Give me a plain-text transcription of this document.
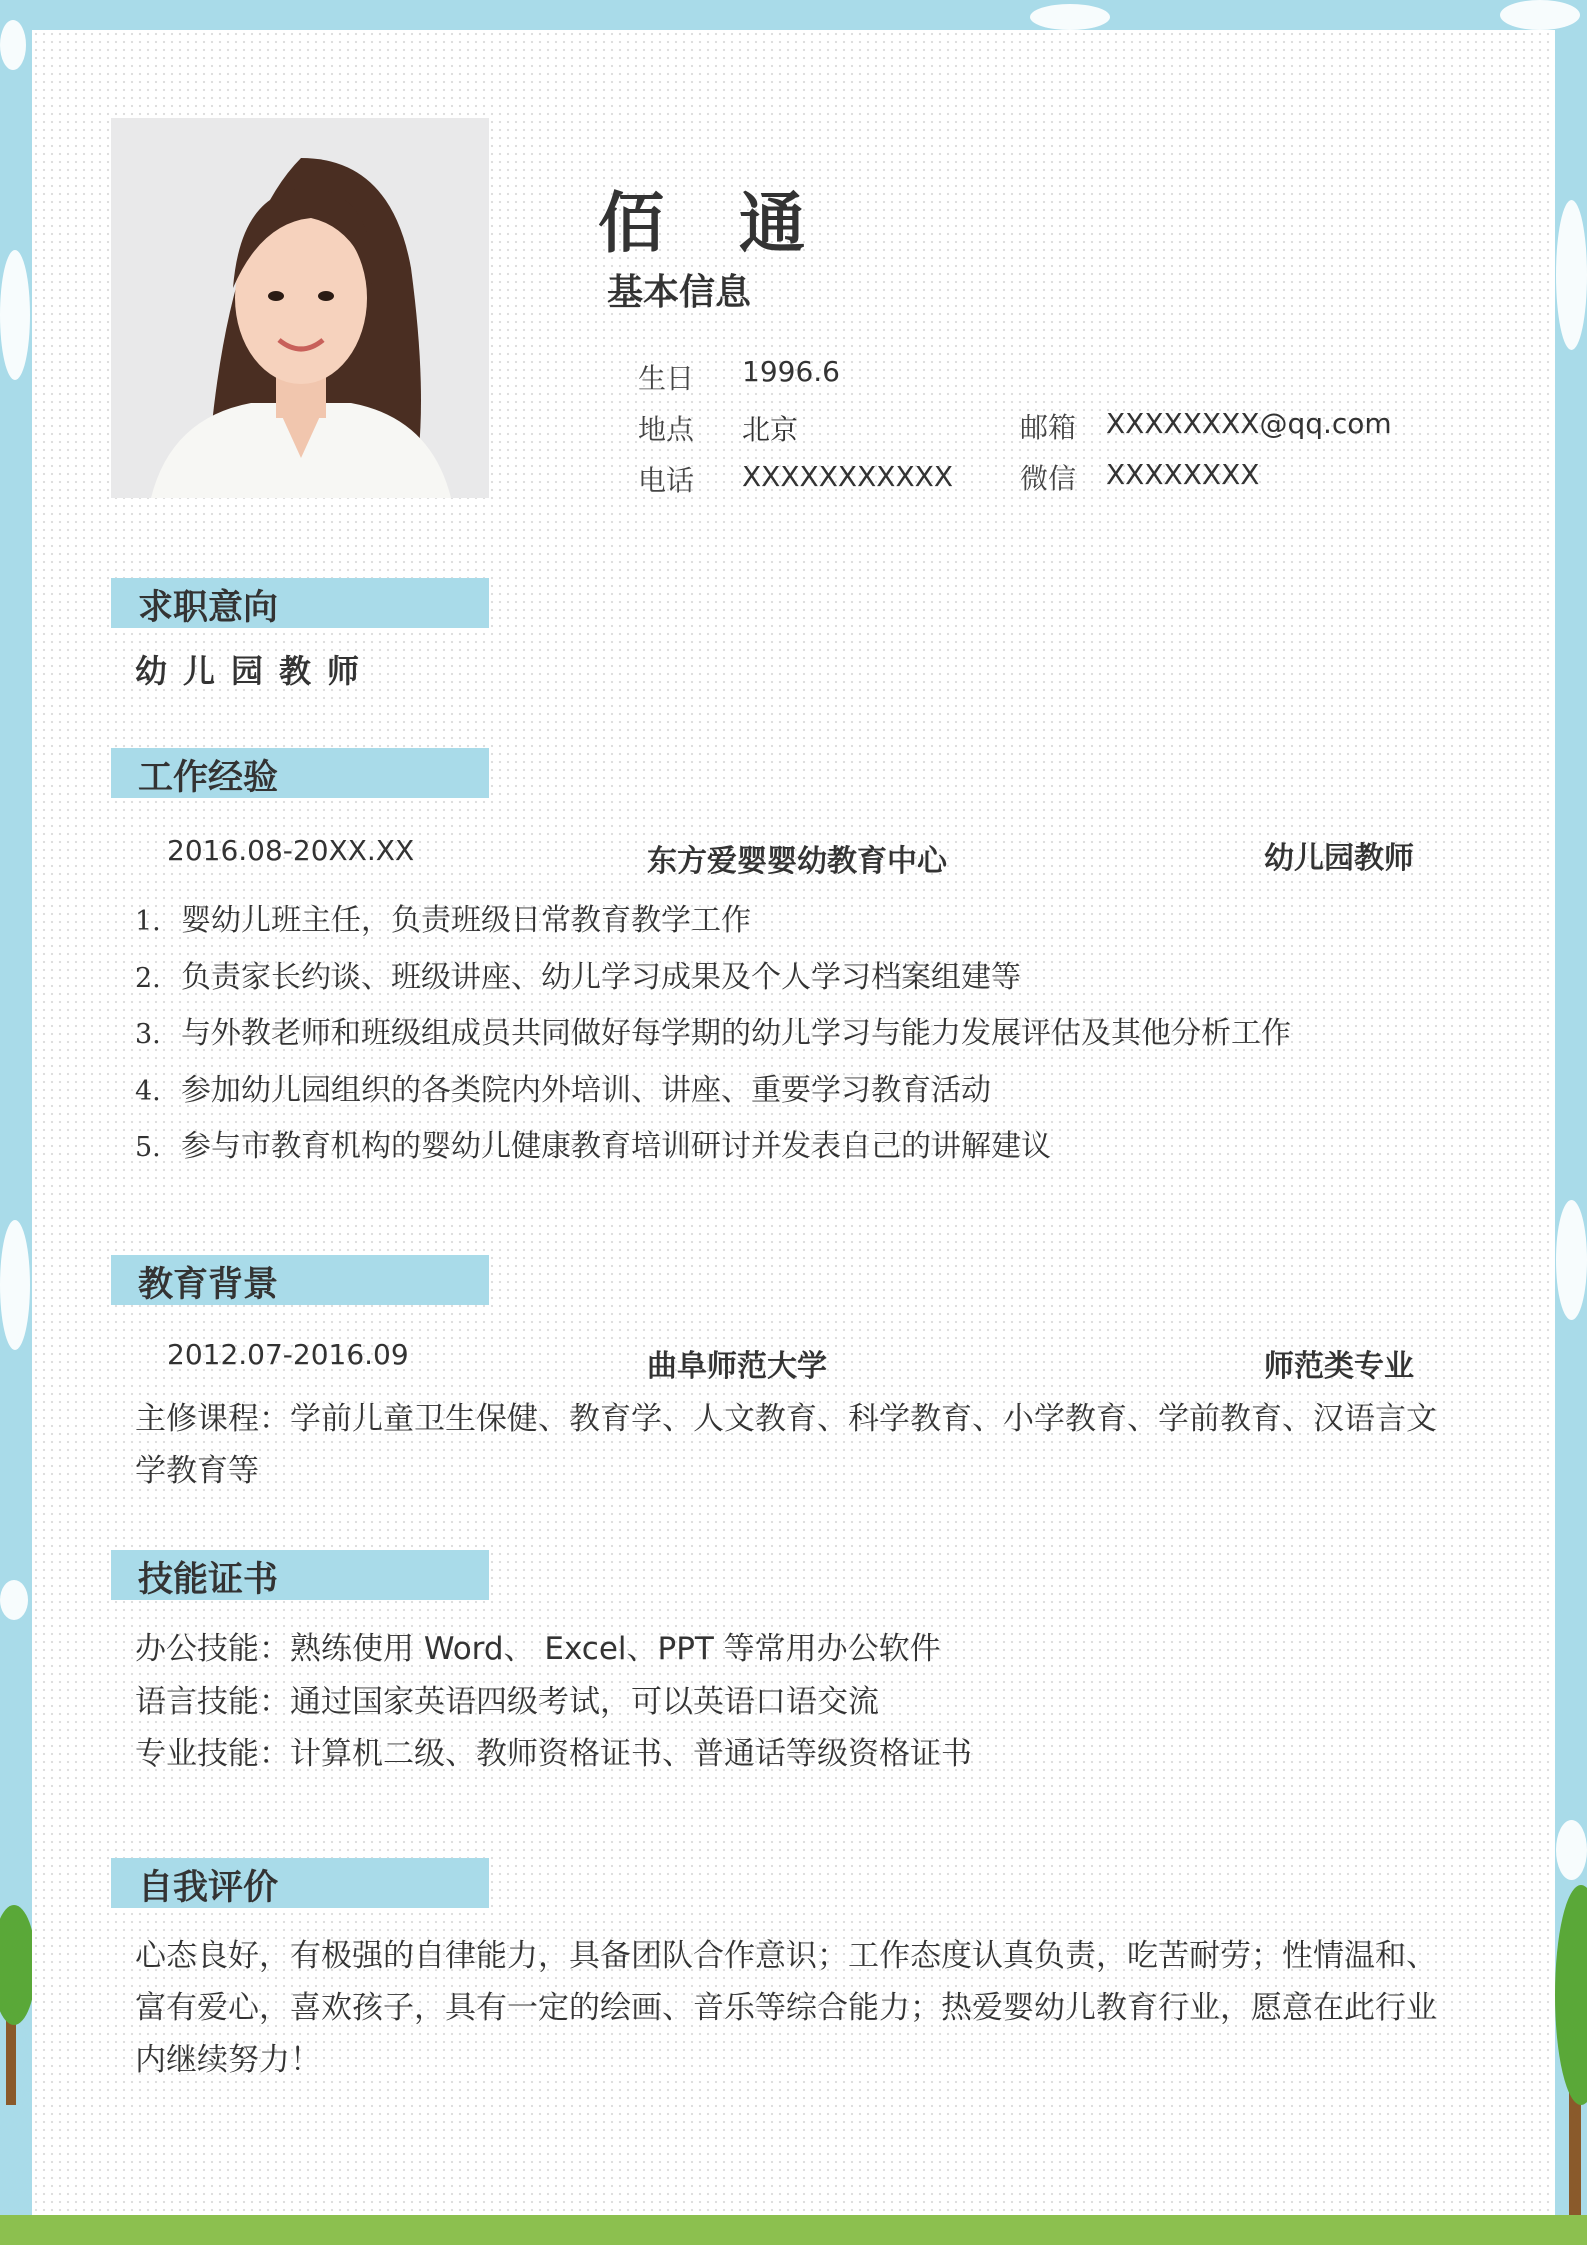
佰 通
基本信息
生日 1996.6
地点 北京	邮箱 XXXXXXXX@qq.com
电话 XXXXXXXXXXX 微信 XXXXXXXX
求职意向
幼儿园教师
工作经验
2016.08-20XX.XX	东方爱婴婴幼教育中心	幼儿园教师
1. 婴幼儿班主任，负责班级日常教育教学工作
2. 负责家长约谈、班级讲座、幼儿学习成果及个人学习档案组建等
3. 与外教老师和班级组成员共同做好每学期的幼儿学习与能力发展评估及其他分析工作
4. 参加幼儿园组织的各类院内外培训、讲座、重要学习教育活动
5. 参与市教育机构的婴幼儿健康教育培训研讨并发表自己的讲解建议
教育背景
2012.07-2016.09	曲阜师范大学	师范类专业
主修课程：学前儿童卫生保健、教育学、人文教育、科学教育、小学教育、学前教育、汉语言文学教育等
技能证书
办公技能：熟练使用 Word、 Excel、PPT 等常用办公软件
语言技能：通过国家英语四级考试，可以英语口语交流
专业技能：计算机二级、教师资格证书、普通话等级资格证书
自我评价
心态良好，有极强的自律能力，具备团队合作意识；工作态度认真负责，吃苦耐劳；性情温和、富有爱心，喜欢孩子，具有一定的绘画、音乐等综合能力；热爱婴幼儿教育行业，愿意在此行业内继续努力！
